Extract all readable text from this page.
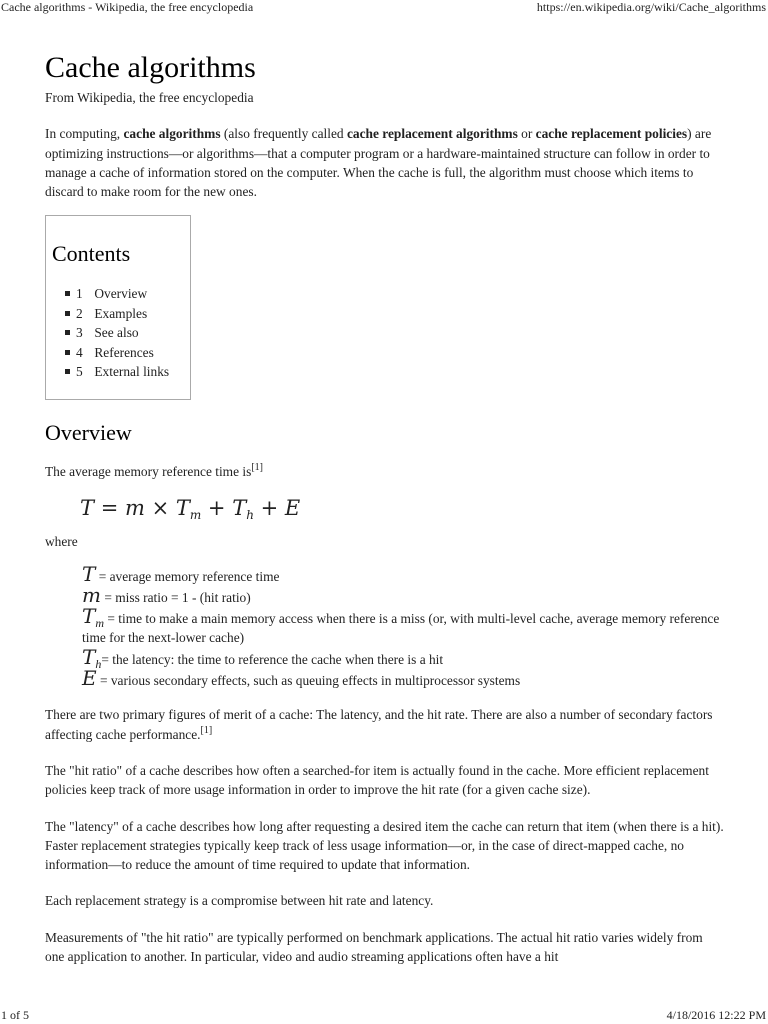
Cache algorithms - Wikipedia, the free encyclopedia	https://en.wikipedia.org/wiki/Cache_algorithms
Cache algorithms
From Wikipedia, the free encyclopedia

In computing, cache algorithms (also frequently called cache replacement algorithms or cache replacement policies) are optimizing instructions—or algorithms—that a computer program or a hardware-maintained structure can follow in order to manage a cache of information stored on the computer. When the cache is full, the algorithm must choose which items to discard to make room for the new ones.

Contents
1 Overview
2 Examples
3 See also
4 References
5 External links
Overview

The average memory reference time is[1]

$T = m \times T_m + T_h + E$

where

T = average memory reference time
m = miss ratio = 1 - (hit ratio)
$T_m$ = time to make a main memory access when there is a miss (or, with multi-level cache, average memory reference time for the next-lower cache)
$T_h=$ the latency: the time to reference the cache when there is a hit
E = various secondary effects, such as queuing effects in multiprocessor systems

There are two primary figures of merit of a cache: The latency, and the hit rate. There are also a number of secondary factors affecting cache performance.[1]

The "hit ratio" of a cache describes how often a searched-for item is actually found in the cache. More efficient replacement policies keep track of more usage information in order to improve the hit rate (for a given cache size).

The "latency" of a cache describes how long after requesting a desired item the cache can return that item (when there is a hit). Faster replacement strategies typically keep track of less usage information—or, in the case of direct-mapped cache, no information—to reduce the amount of time required to update that information.

Each replacement strategy is a compromise between hit rate and latency.

Measurements of "the hit ratio" are typically performed on benchmark applications. The actual hit ratio varies widely from one application to another. In particular, video and audio streaming applications often have a hit

1 of 5	4/18/2016 12:22 PM
